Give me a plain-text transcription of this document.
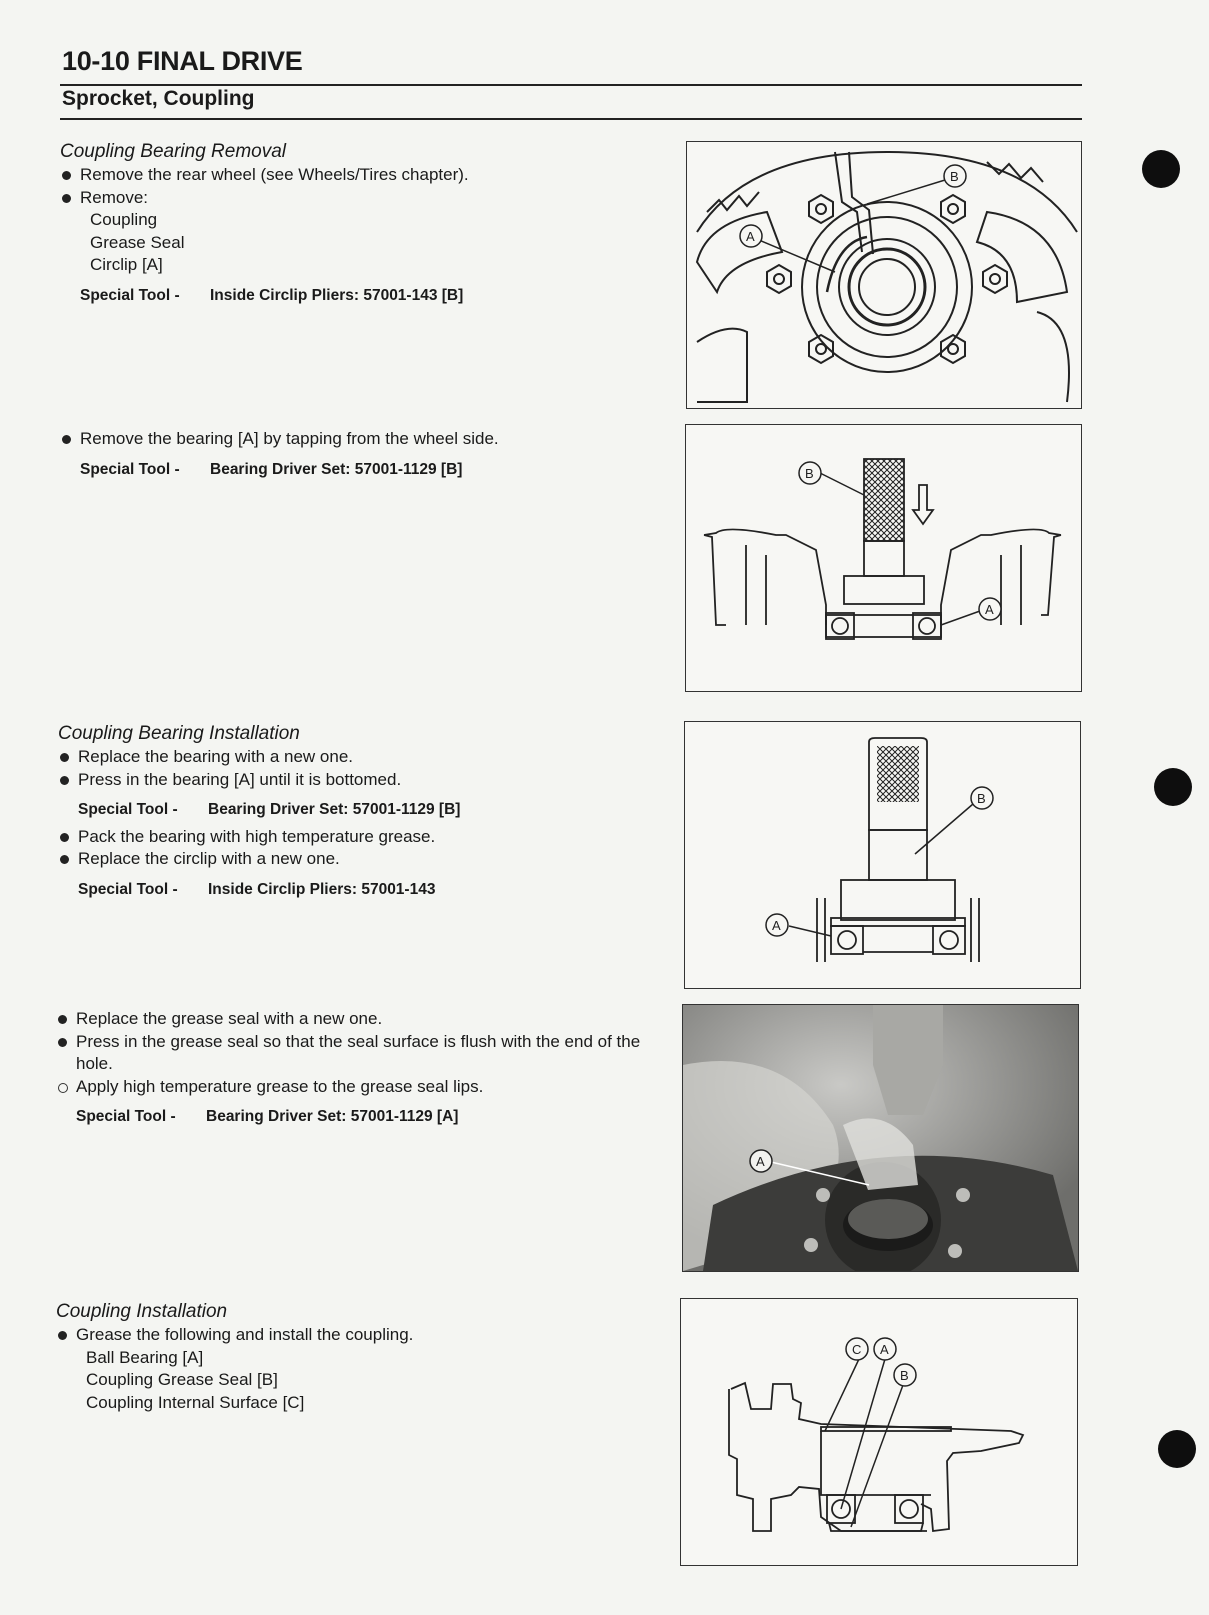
10-10 FINAL DRIVE
Sprocket, Coupling
Coupling Bearing Removal
Remove the rear wheel (see Wheels/Tires chapter).
Remove:
Coupling
Grease Seal
Circlip [A]
Special Tool - Inside Circlip Pliers: 57001-143 [B]
Remove the bearing [A] by tapping from the wheel side.
Special Tool - Bearing Driver Set: 57001-1129 [B]
Coupling Bearing Installation
Replace the bearing with a new one.
Press in the bearing [A] until it is bottomed.
Special Tool - Bearing Driver Set: 57001-1129 [B]
Pack the bearing with high temperature grease.
Replace the circlip with a new one.
Special Tool - Inside Circlip Pliers: 57001-143
Replace the grease seal with a new one.
Press in the grease seal so that the seal surface is flush with the end of the hole.
Apply high temperature grease to the grease seal lips.
Special Tool - Bearing Driver Set: 57001-1129 [A]
Coupling Installation
Grease the following and install the coupling.
Ball Bearing [A]
Coupling Grease Seal [B]
Coupling Internal Surface [C]
A
B
B
A
B
A
A
C A
B
